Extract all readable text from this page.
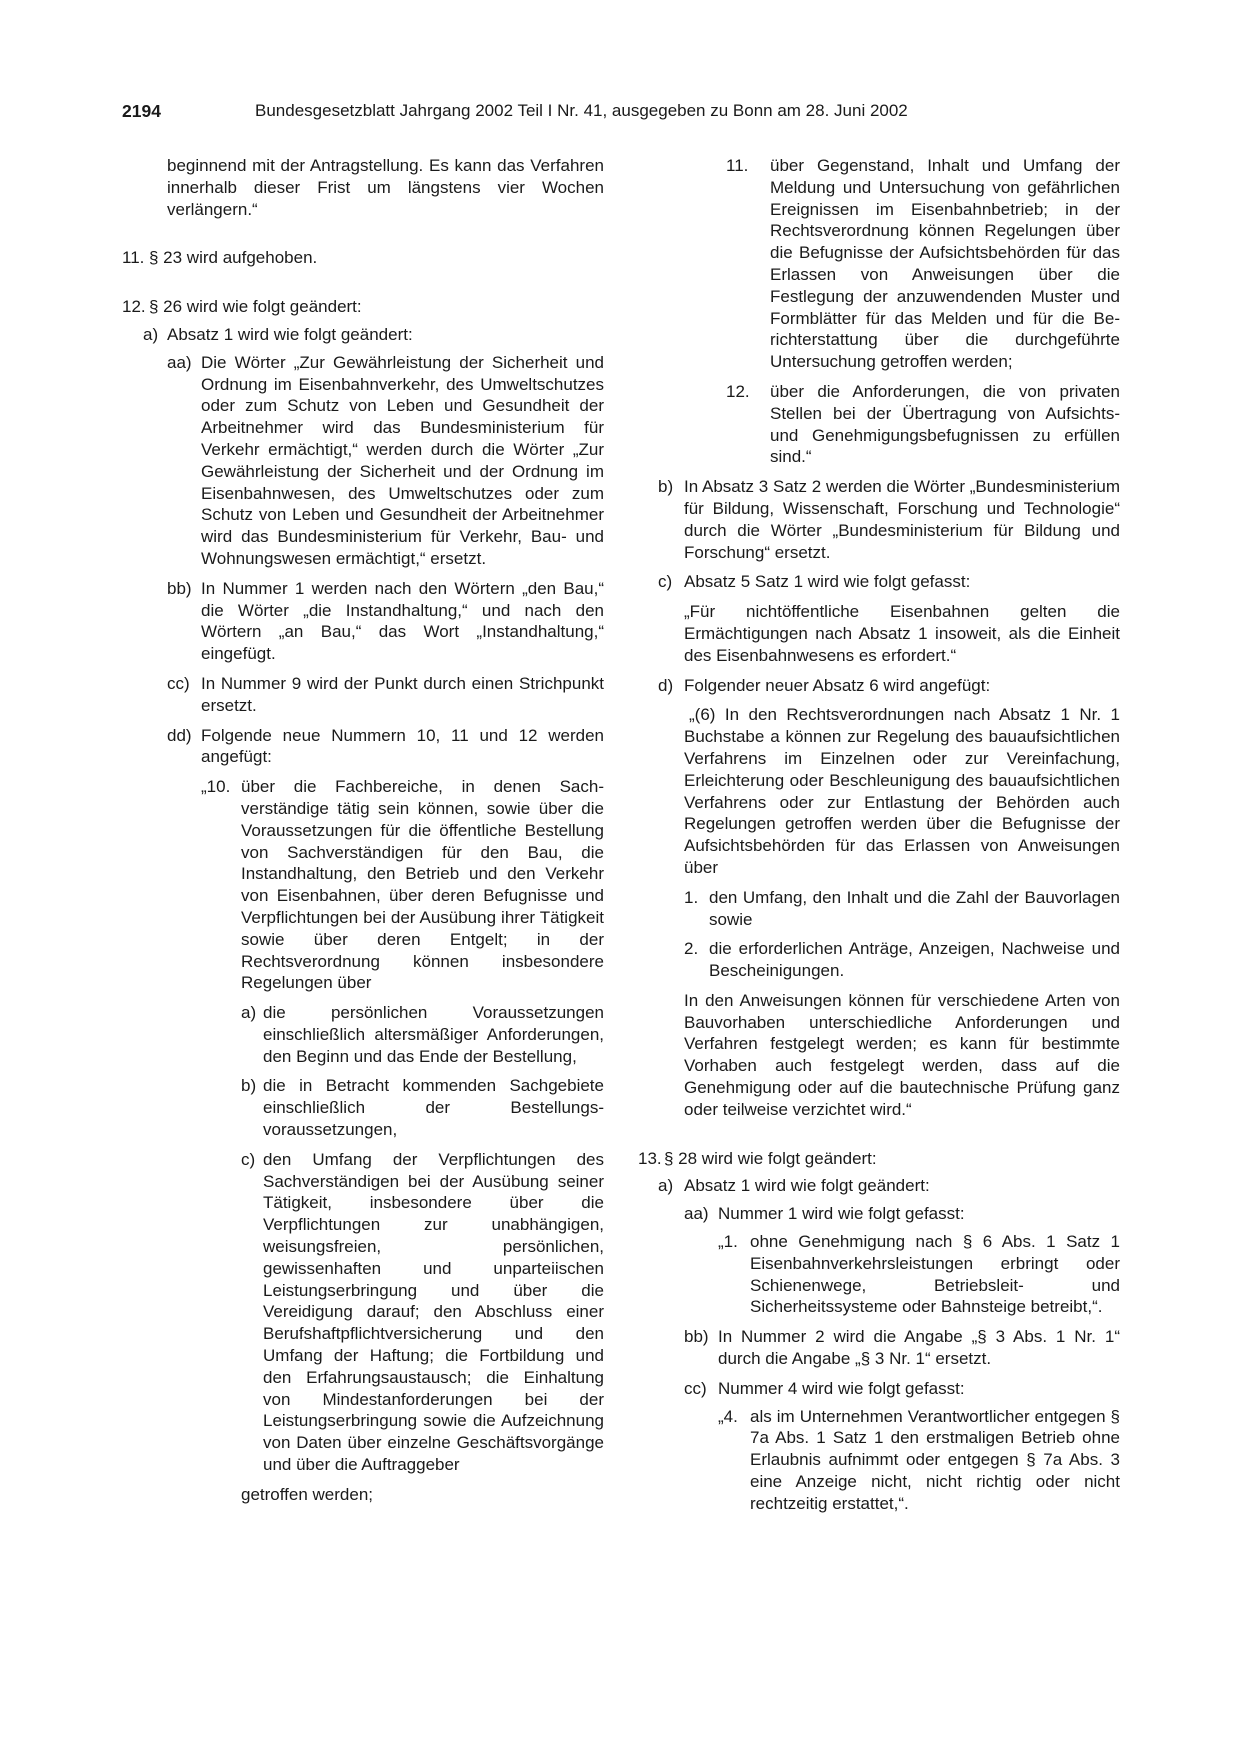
2194	Bundesgesetzblatt Jahrgang 2002 Teil I Nr. 41, ausgegeben zu Bonn am 28. Juni 2002

beginnend mit der Antragstellung. Es kann das Verfahren innerhalb dieser Frist um längstens vier Wochen verlängern.“

11. § 23 wird aufgehoben.
12. § 26 wird wie folgt geändert:
a) Absatz 1 wird wie folgt geändert:
aa) Die Wörter „Zur Gewährleistung der Sicherheit und Ordnung im Eisenbahnverkehr, des Umweltschutzes oder zum Schutz von Leben und Gesundheit der Arbeitnehmer wird das Bundesministerium für Verkehr ermächtigt,“ werden durch die Wörter „Zur Gewährleistung der Sicherheit und der Ordnung im Eisenbahnwesen, des Umweltschutzes oder zum Schutz von Leben und Gesundheit der Arbeitnehmer wird das Bundesministerium für Verkehr, Bau- und Wohnungswesen ermächtigt,“ ersetzt.
bb) In Nummer 1 werden nach den Wörtern „den Bau,“ die Wörter „die Instandhaltung,“ und nach den Wörtern „an Bau,“ das Wort „Instandhaltung,“ eingefügt.
cc) In Nummer 9 wird der Punkt durch einen Strichpunkt ersetzt.
dd) Folgende neue Nummern 10, 11 und 12 werden angefügt:
„10. über die Fachbereiche, in denen Sachverständige tätig sein können, sowie über die Voraussetzungen für die öffentliche Bestellung von Sachverständigen für den Bau, die Instandhaltung, den Betrieb und den Verkehr von Eisenbahnen, über deren Befugnisse und Verpflichtungen bei der Ausübung ihrer Tätigkeit sowie über deren Entgelt; in der Rechtsverordnung können insbesondere Regelungen über
a) die persönlichen Voraussetzungen einschließlich altersmäßiger Anforderungen, den Beginn und das Ende der Bestellung,
b) die in Betracht kommenden Sachgebiete einschließlich der Bestellungsvoraussetzungen,
c) den Umfang der Verpflichtungen des Sachverständigen bei der Ausübung seiner Tätigkeit, insbesondere über die Verpflichtungen zur unabhängigen, weisungsfreien, persönlichen, gewissenhaften und unparteiischen Leistungserbringung und über die Vereidigung darauf; den Abschluss einer Berufshaftpflichtversicherung und den Umfang der Haftung; die Fortbildung und den Erfahrungsaustausch; die Einhaltung von Mindestanforderungen bei der Leistungserbringung sowie die Aufzeichnung von Daten über einzelne Geschäftsvorgänge und über die Auftraggeber

getroffen werden;

11.	über Gegenstand, Inhalt und Umfang der Meldung und Untersuchung von gefährlichen Ereignissen im Eisenbahnbetrieb; in der Rechtsverordnung können Regelungen über die Befugnisse der Aufsichtsbehörden für das Erlassen von Anweisungen über die Festlegung der anzuwendenden Muster und Formblätter für das Melden und für die Berichterstattung über die durchgeführte Untersuchung getroffen werden;
12.	über die Anforderungen, die von privaten Stellen bei der Übertragung von Aufsichts- und Genehmigungsbefugnissen zu erfüllen sind.“
b) In Absatz 3 Satz 2 werden die Wörter „Bundesministerium für Bildung, Wissenschaft, Forschung und Technologie“ durch die Wörter „Bundesministerium für Bildung und Forschung“ ersetzt.
c) Absatz 5 Satz 1 wird wie folgt gefasst:

„Für nichtöffentliche Eisenbahnen gelten die Ermächtigungen nach Absatz 1 insoweit, als die Einheit des Eisenbahnwesens es erfordert.“

d) Folgender neuer Absatz 6 wird angefügt:

„(6) In den Rechtsverordnungen nach Absatz 1 Nr. 1 Buchstabe a können zur Regelung des bauaufsichtlichen Verfahrens im Einzelnen oder zur Vereinfachung, Erleichterung oder Beschleunigung des bauaufsichtlichen Verfahrens oder zur Entlastung der Behörden auch Regelungen getroffen werden über die Befugnisse der Aufsichtsbehörden für das Erlassen von Anweisungen über

1. den Umfang, den Inhalt und die Zahl der Bauvorlagen sowie
2. die erforderlichen Anträge, Anzeigen, Nachweise und Bescheinigungen.

In den Anweisungen können für verschiedene Arten von Bauvorhaben unterschiedliche Anforderungen und Verfahren festgelegt werden; es kann für bestimmte Vorhaben auch festgelegt werden, dass auf die Genehmigung oder auf die bautechnische Prüfung ganz oder teilweise verzichtet wird.“

13. § 28 wird wie folgt geändert:
a) Absatz 1 wird wie folgt geändert:
aa) Nummer 1 wird wie folgt gefasst:
„1. ohne Genehmigung nach § 6 Abs. 1 Satz 1 Eisenbahnverkehrsleistungen erbringt oder Schienenwege, Betriebsleit- und Sicherheitssysteme oder Bahnsteige betreibt,“.
bb) In Nummer 2 wird die Angabe „§ 3 Abs. 1 Nr. 1“ durch die Angabe „§ 3 Nr. 1“ ersetzt.
cc) Nummer 4 wird wie folgt gefasst:
„4. als im Unternehmen Verantwortlicher entgegen § 7a Abs. 1 Satz 1 den erstmaligen Betrieb ohne Erlaubnis aufnimmt oder entgegen § 7a Abs. 3 eine Anzeige nicht, nicht richtig oder nicht rechtzeitig erstattet,“.
